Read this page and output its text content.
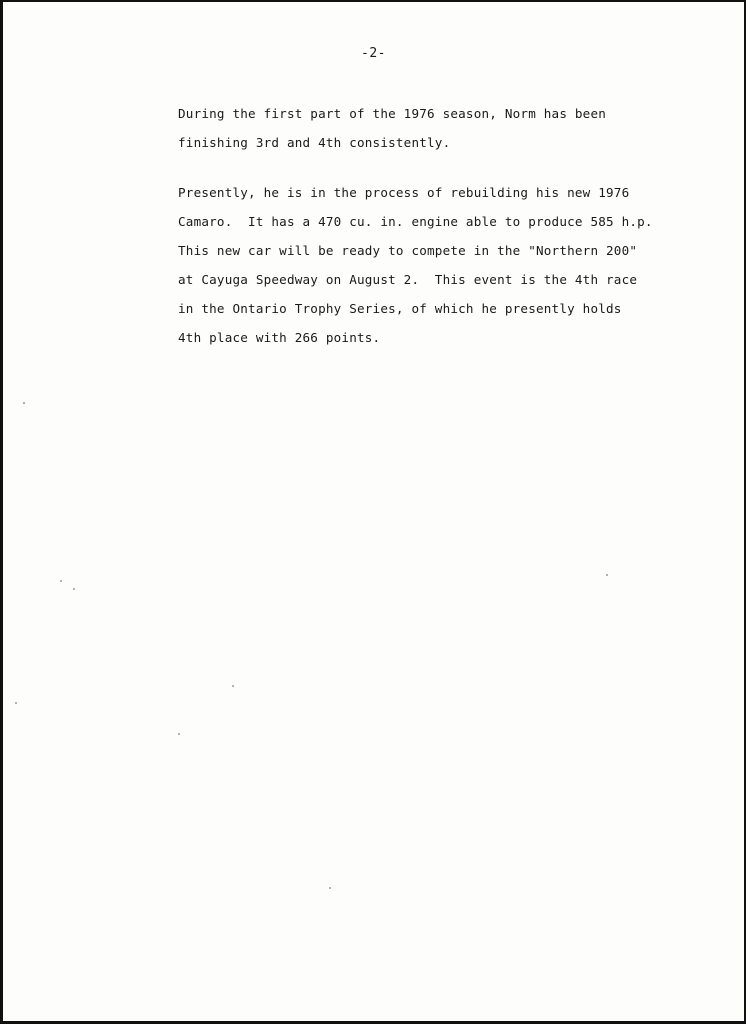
-2-
During the first part of the 1976 season, Norm has been
finishing 3rd and 4th consistently.
Presently, he is in the process of rebuilding his new 1976
Camaro.  It has a 470 cu. in. engine able to produce 585 h.p.
This new car will be ready to compete in the "Northern 200"
at Cayuga Speedway on August 2.  This event is the 4th race
in the Ontario Trophy Series, of which he presently holds
4th place with 266 points.
